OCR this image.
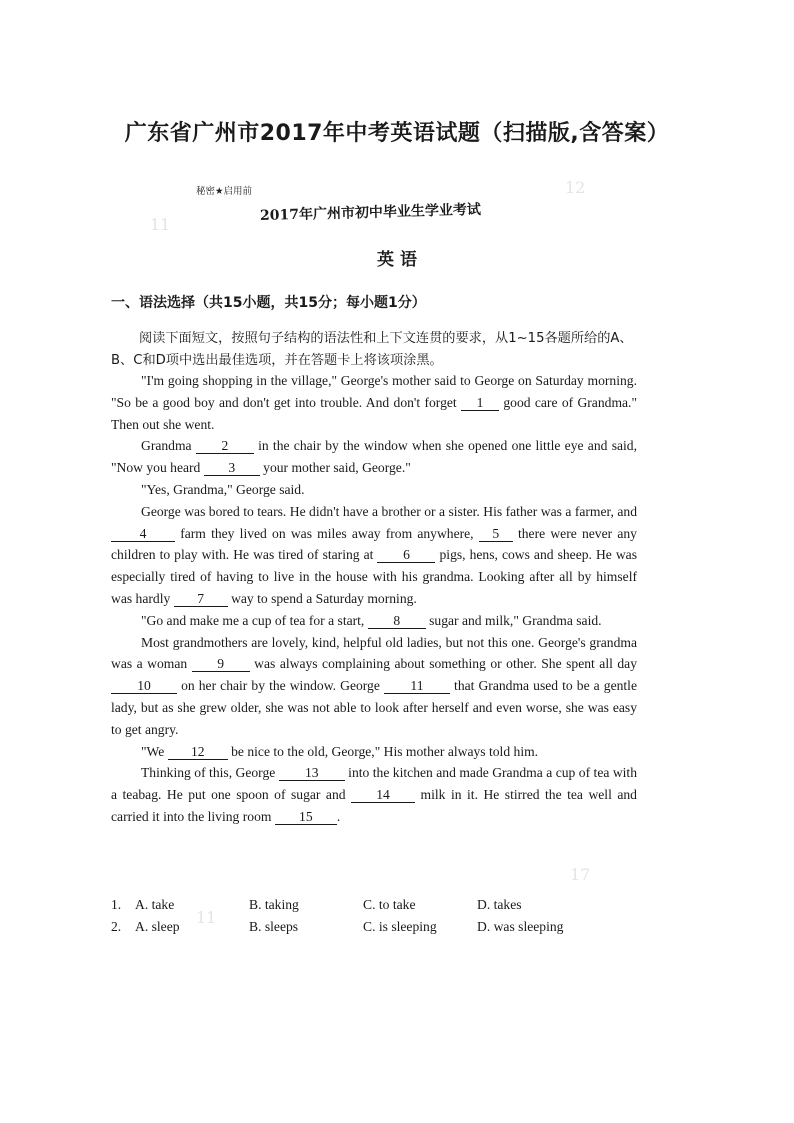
广东省广州市2017年中考英语试题（扫描版,含答案）
秘密★启用前
2017年广州市初中毕业生学业考试
英 语
一、语法选择（共15小题，共15分；每小题1分）
阅读下面短文，按照句子结构的语法性和上下文连贯的要求，从1~15各题所给的A、B、C和D项中选出最佳选项，并在答题卡上将该项涂黑。

"I'm going shopping in the village," George's mother said to George on Saturday morning. "So be a good boy and don't get into trouble. And don't forget 1 good care of Grandma." Then out she went.

Grandma 2 in the chair by the window when she opened one little eye and said, "Now you heard 3 your mother said, George."

"Yes, Grandma," George said.

George was bored to tears. He didn't have a brother or a sister. His father was a farmer, and 4 farm they lived on was miles away from anywhere, 5 there were never any children to play with. He was tired of staring at 6 pigs, hens, cows and sheep. He was especially tired of having to live in the house with his grandma. Looking after all by himself was hardly 7 way to spend a Saturday morning.

"Go and make me a cup of tea for a start, 8 sugar and milk," Grandma said.

Most grandmothers are lovely, kind, helpful old ladies, but not this one. George's grandma was a woman 9 was always complaining about something or other. She spent all day 10 on her chair by the window. George 11 that Grandma used to be a gentle lady, but as she grew older, she was not able to look after herself and even worse, she was easy to get angry.

"We 12 be nice to the old, George," His mother always told him.

Thinking of this, George 13 into the kitchen and made Grandma a cup of tea with a teabag. He put one spoon of sugar and 14 milk in it. He stirred the tea well and carried it into the living room 15 .

1.	A. take	B. taking	C. to take	D. takes
2.	A. sleep	B. sleeps	C. is sleeping	D. was sleeping
11
12
17
11
